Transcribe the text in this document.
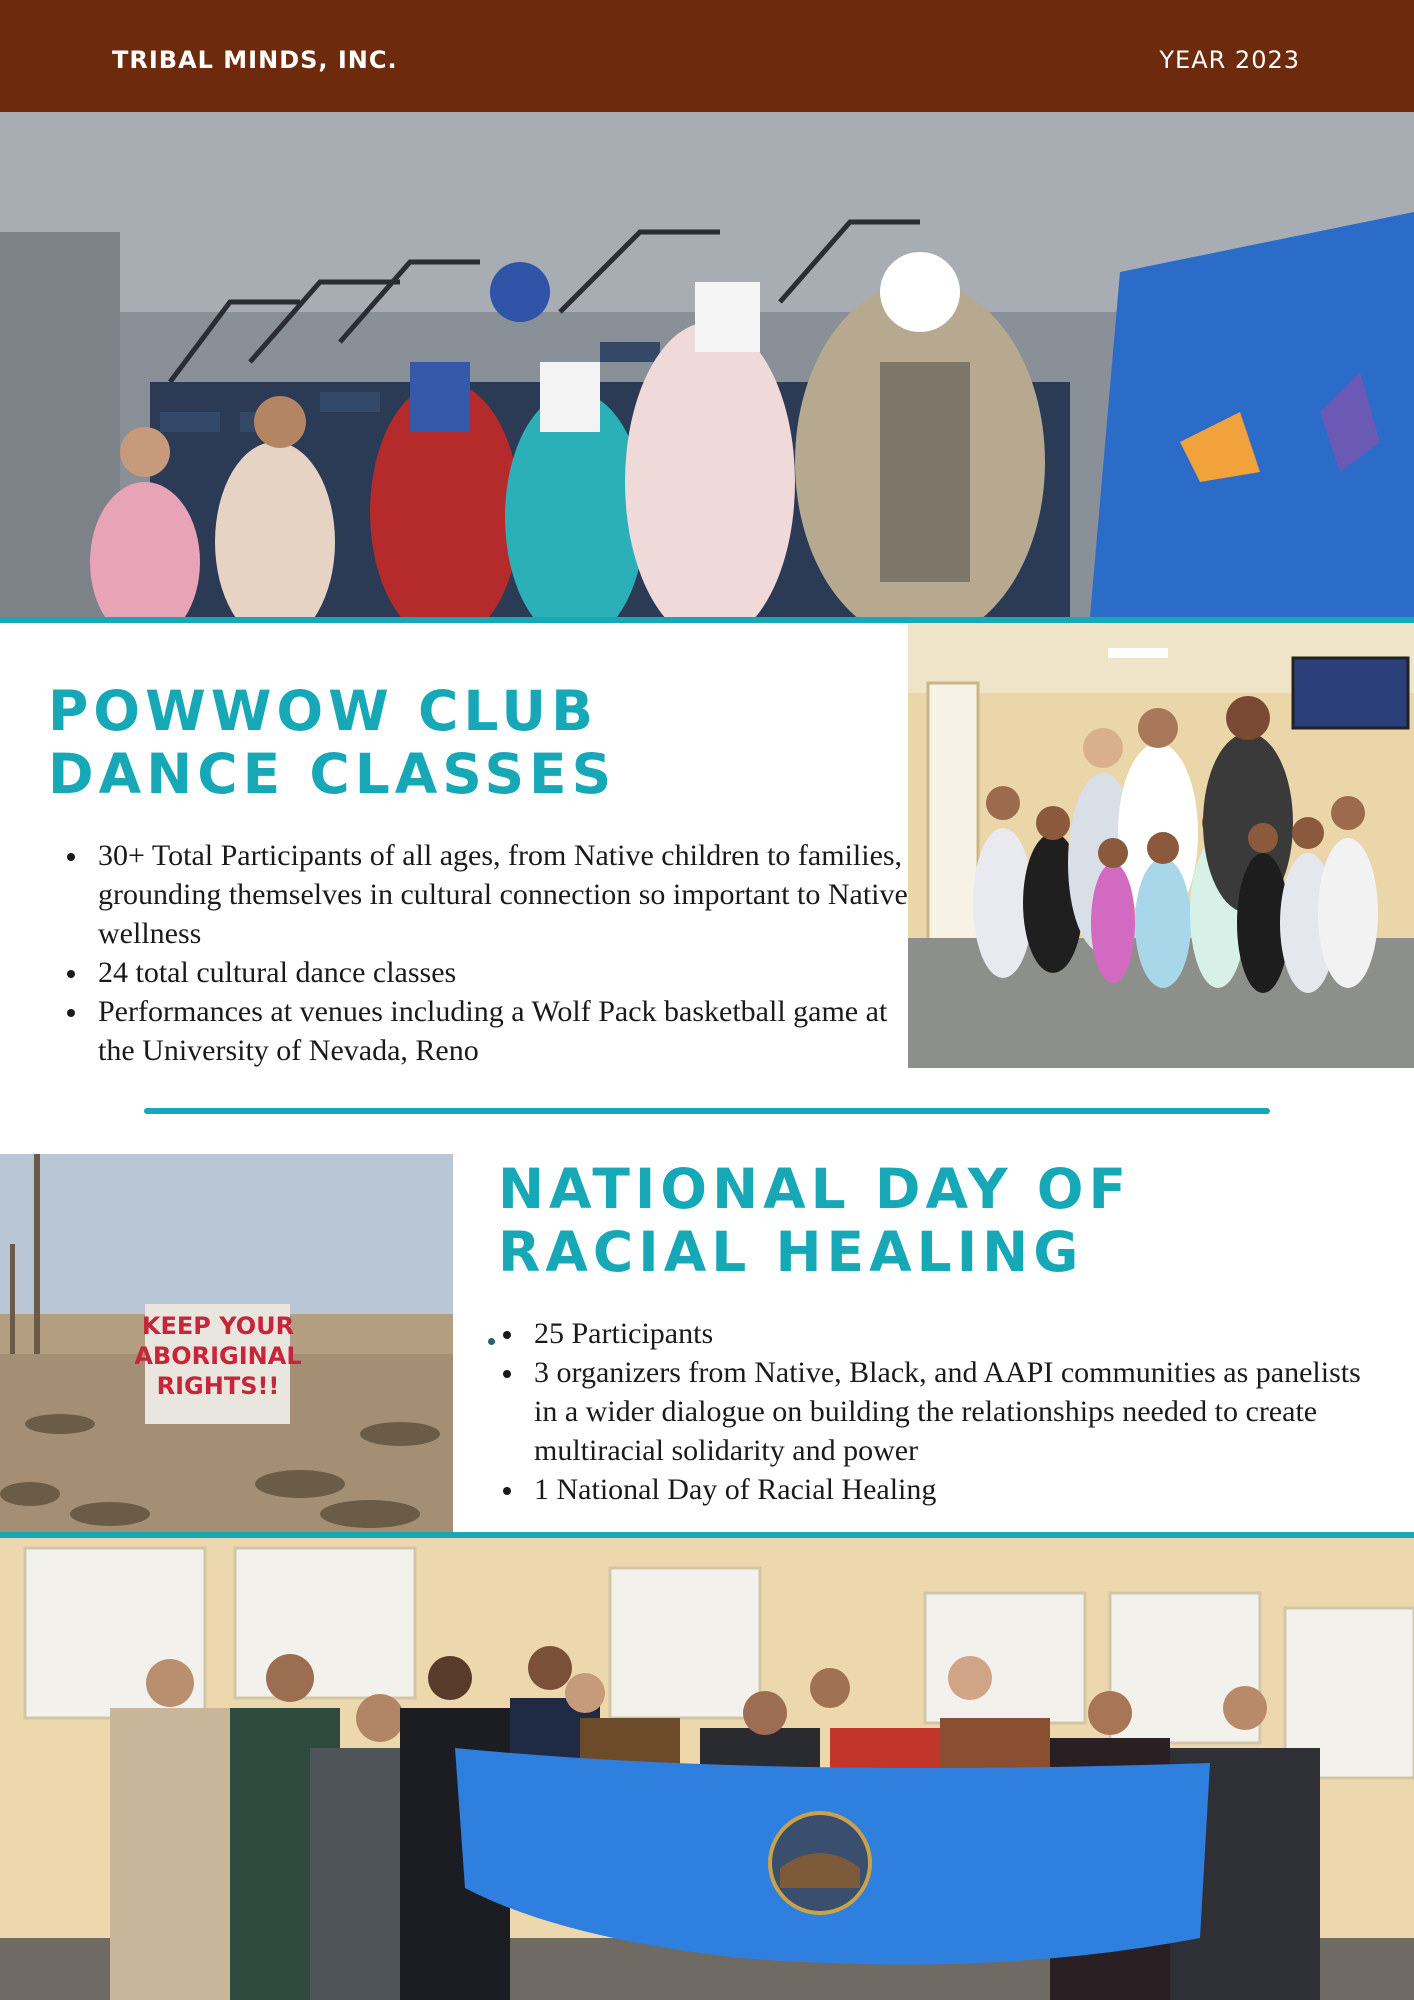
TRIBAL MINDS, INC.	YEAR 2023
POWWOW CLUB
DANCE CLASSES
30+ Total Participants of all ages, from Native children to families, grounding themselves in cultural connection so important to Native wellness
24 total cultural dance classes
Performances at venues including a Wolf Pack basketball game at the University of Nevada, Reno
KEEP YOUR
ABORIGINAL
RIGHTS!!
NATIONAL DAY OF
RACIAL HEALING
25 Participants
3 organizers from Native, Black, and AAPI communities as panelists in a wider dialogue on building the relationships needed to create multiracial solidarity and power
1 National Day of Racial Healing
